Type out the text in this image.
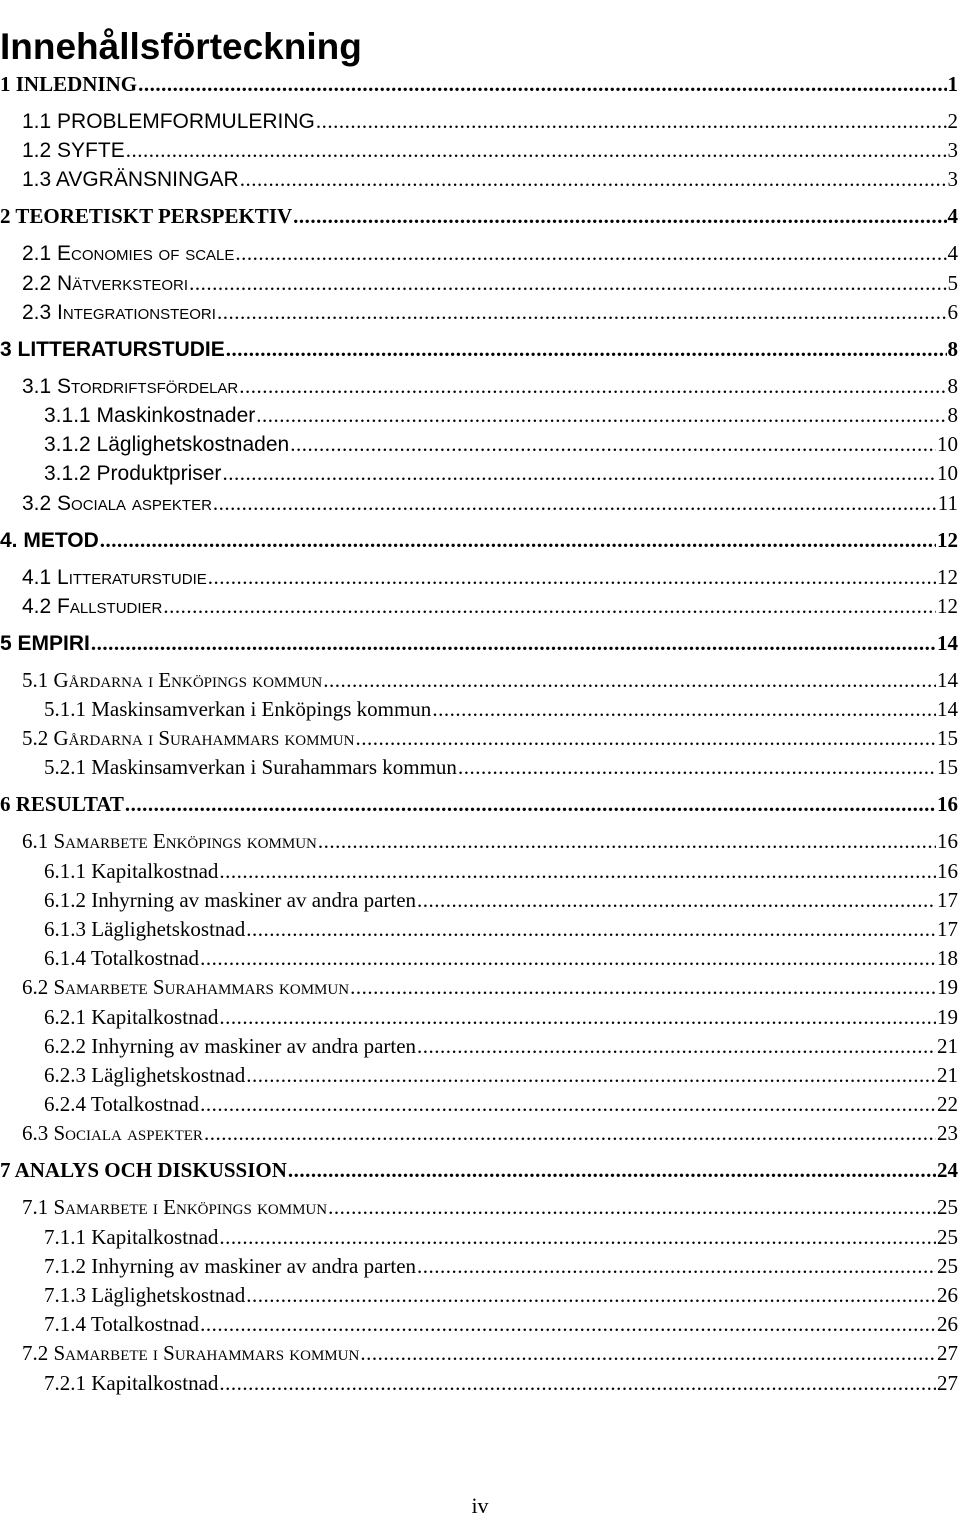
Innehållsförteckning
1 INLEDNING .....	1
1.1 PROBLEMFORMULERING .....	2
1.2 SYFTE .....	3
1.3 AVGRÄNSNINGAR .....	3
2 TEORETISKT PERSPEKTIV .....	4
2.1 Economies of scale .....	4
2.2 Nätverksteori .....	5
2.3 Integrationsteori .....	6
3 LITTERATURSTUDIE .....	8
3.1 Stordriftsfördelar .....	8
3.1.1 Maskinkostnader .....	8
3.1.2 Läglighetskostnaden .....	10
3.1.2 Produktpriser .....	10
3.2 Sociala aspekter .....	11
4. METOD .....	12
4.1 Litteraturstudie .....	12
4.2 Fallstudier .....	12
5 EMPIRI .....	14
5.1 Gårdarna i Enköpings kommun .....	14
5.1.1 Maskinsamverkan i Enköpings kommun .....	14
5.2 Gårdarna i Surahammars kommun .....	15
5.2.1 Maskinsamverkan i Surahammars kommun .....	15
6 RESULTAT .....	16
6.1 Samarbete Enköpings kommun .....	16
6.1.1 Kapitalkostnad .....	16
6.1.2 Inhyrning av maskiner av andra parten .....	17
6.1.3 Läglighetskostnad .....	17
6.1.4 Totalkostnad .....	18
6.2 Samarbete Surahammars kommun .....	19
6.2.1 Kapitalkostnad .....	19
6.2.2 Inhyrning av maskiner av andra parten .....	21
6.2.3 Läglighetskostnad .....	21
6.2.4 Totalkostnad .....	22
6.3 Sociala aspekter .....	23
7 ANALYS OCH DISKUSSION .....	24
7.1 Samarbete i Enköpings kommun .....	25
7.1.1 Kapitalkostnad .....	25
7.1.2 Inhyrning av maskiner av andra parten .....	25
7.1.3 Läglighetskostnad .....	26
7.1.4 Totalkostnad .....	26
7.2 Samarbete i Surahammars kommun .....	27
7.2.1 Kapitalkostnad .....	27
iv
